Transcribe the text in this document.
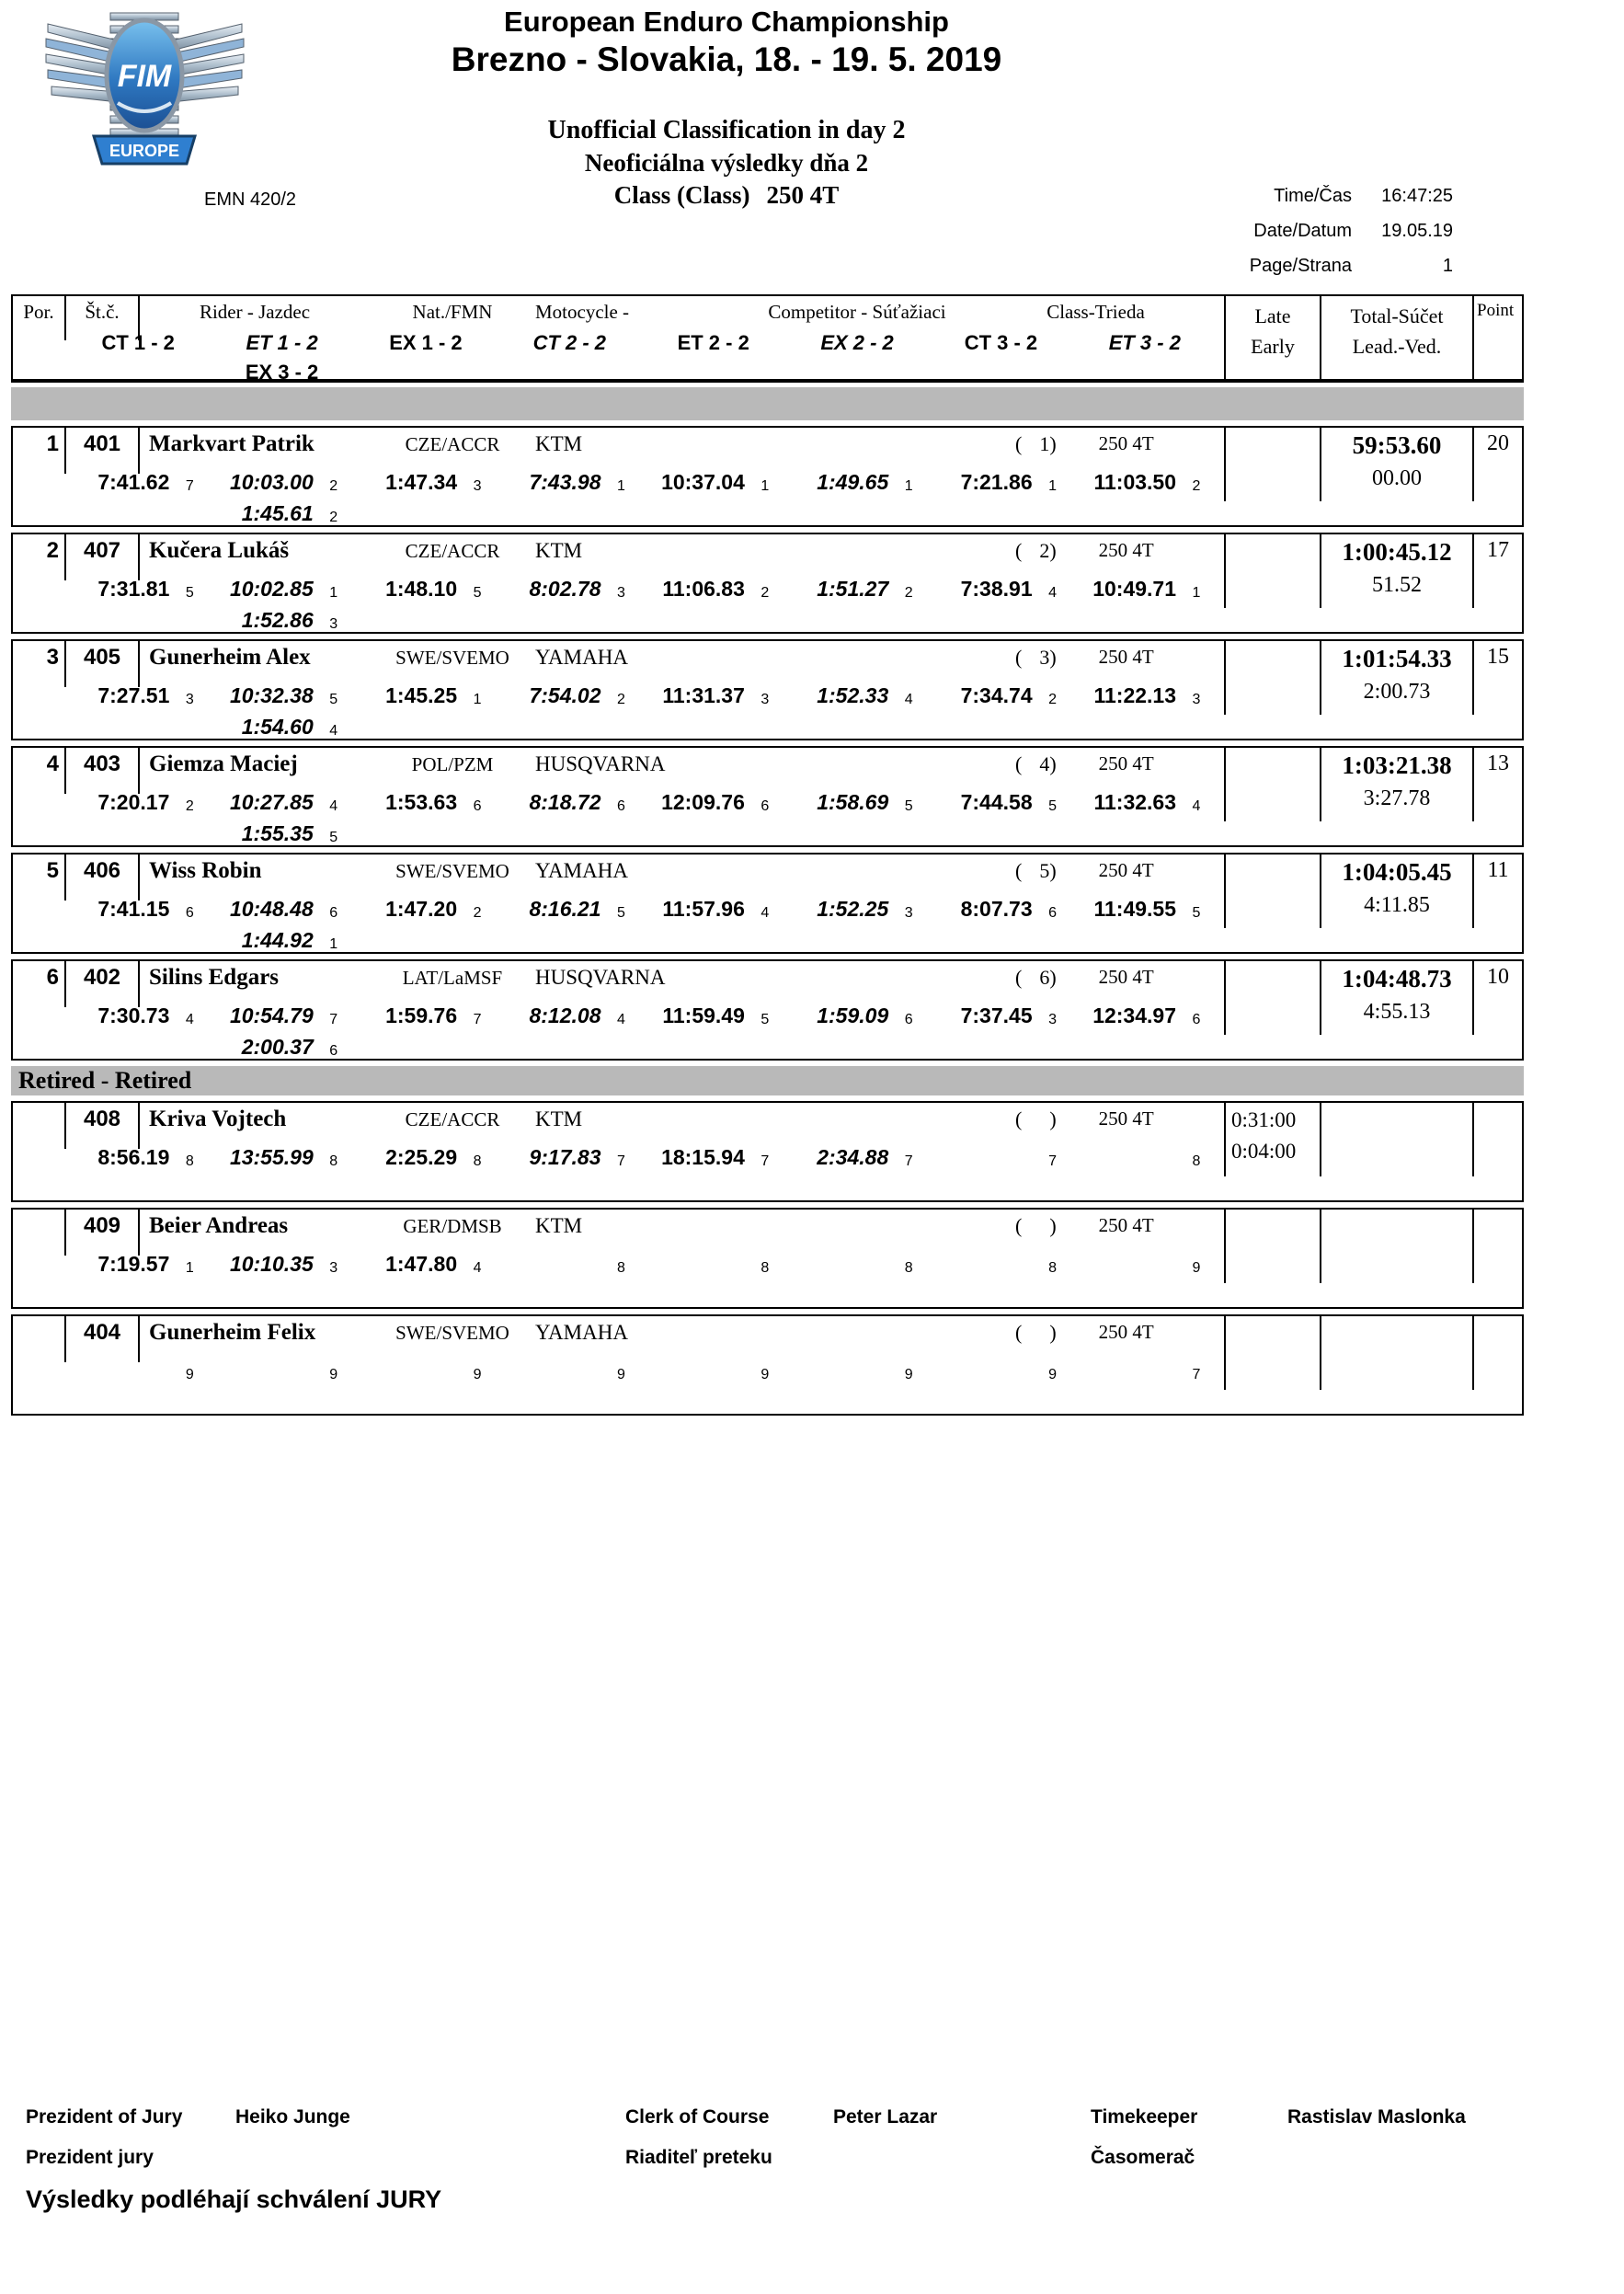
FIM
EUROPE
European Enduro Championship
Brezno - Slovakia, 18. - 19. 5. 2019
Unofficial Classification in day 2
Neoficiálna výsledky dňa 2
Class (Class) 250 4T
EMN 420/2	Time/Čas	16:47:25
Date/Datum	19.05.19
Page/Strana	1
Por.	Št.č.	Rider - Jazdec	Nat./FMN	Motocycle -	Competitor - Súťažiaci	Class-Trieda
CT 1 - 2	ET 1 - 2	EX 1 - 2	CT 2 - 2	ET 2 - 2	EX 2 - 2	CT 3 - 2	ET 3 - 2
EX 3 - 2
Late
Early
Total-Súčet
Lead.-Ved.
Point
1	401	Markvart Patrik	CZE/ACCR	KTM	( 1 ) 250 4T
7:41.62	7	10:03.00	2	1:47.34	3	7:43.98	1	10:37.04	1	1:49.65	1	7:21.86	1	11:03.50	2
1:45.61	2
59:53.60
00.00
20
2	407	Kučera Lukáš	CZE/ACCR	KTM	( 2 ) 250 4T
7:31.81	5	10:02.85	1	1:48.10	5	8:02.78	3	11:06.83	2	1:51.27	2	7:38.91	4	10:49.71	1
1:52.86	3
1:00:45.12
51.52
17
3	405	Gunerheim Alex	SWE/SVEMO	YAMAHA	( 3 ) 250 4T
7:27.51	3	10:32.38	5	1:45.25	1	7:54.02	2	11:31.37	3	1:52.33	4	7:34.74	2	11:22.13	3
1:54.60	4
1:01:54.33
2:00.73
15
4	403	Giemza Maciej	POL/PZM	HUSQVARNA	( 4 ) 250 4T
7:20.17	2	10:27.85	4	1:53.63	6	8:18.72	6	12:09.76	6	1:58.69	5	7:44.58	5	11:32.63	4
1:55.35	5
1:03:21.38
3:27.78
13
5	406	Wiss Robin	SWE/SVEMO	YAMAHA	( 5 ) 250 4T
7:41.15	6	10:48.48	6	1:47.20	2	8:16.21	5	11:57.96	4	1:52.25	3	8:07.73	6	11:49.55	5
1:44.92	1
1:04:05.45
4:11.85
11
6	402	Silins Edgars	LAT/LaMSF	HUSQVARNA	( 6 ) 250 4T
7:30.73	4	10:54.79	7	1:59.76	7	8:12.08	4	11:59.49	5	1:59.09	6	7:37.45	3	12:34.97	6
2:00.37	6
1:04:48.73
4:55.13
10
Retired - Retired
408	Kriva Vojtech	CZE/ACCR	KTM	( ) 250 4T
8:56.19	8	13:55.99	8	2:25.29	8	9:17.83	7	18:15.94	7	2:34.88	7	7	8
0:31:00
0:04:00
409	Beier Andreas	GER/DMSB	KTM	( ) 250 4T
7:19.57	1	10:10.35	3	1:47.80	4	8	8	8	8	9
404	Gunerheim Felix	SWE/SVEMO	YAMAHA	( ) 250 4T
9	9	9	9	9	9	9	7
Prezident of Jury	Heiko Junge	Clerk of Course	Peter Lazar	Timekeeper	Rastislav Maslonka
Prezident jury	Riaditeľ preteku	Časomerač
Výsledky podléhají schválení JURY
